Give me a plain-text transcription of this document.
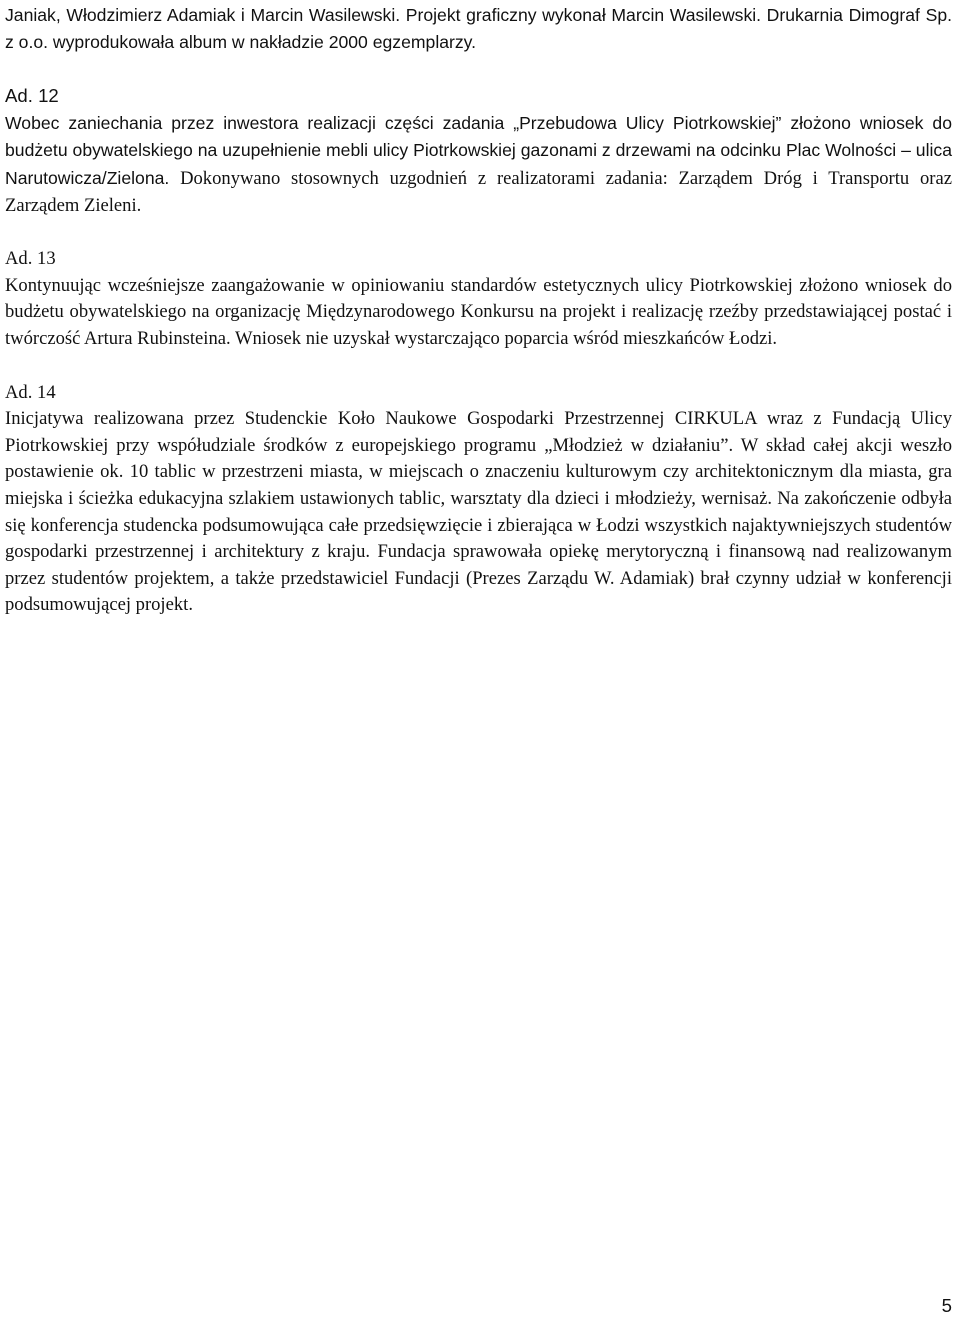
Janiak, Włodzimierz Adamiak i Marcin Wasilewski. Projekt graficzny wykonał Marcin Wasilewski. Drukarnia Dimograf Sp. z o.o. wyprodukowała album w nakładzie 2000 egzemplarzy.

Ad. 12

Wobec zaniechania przez inwestora realizacji części zadania „Przebudowa Ulicy Piotrkowskiej” złożono wniosek do budżetu obywatelskiego na uzupełnienie mebli ulicy Piotrkowskiej gazonami z drzewami na odcinku Plac Wolności – ulica Narutowicza/Zielona. Dokonywano stosownych uzgodnień z realizatorami zadania: Zarządem Dróg i Transportu oraz Zarządem Zieleni.

Ad. 13

Kontynuując wcześniejsze zaangażowanie w opiniowaniu standardów estetycznych ulicy Piotrkowskiej złożono wniosek do budżetu obywatelskiego na organizację Międzynarodowego Konkursu na projekt i realizację rzeźby przedstawiającej postać i twórczość Artura Rubinsteina. Wniosek nie uzyskał wystarczająco poparcia wśród mieszkańców Łodzi.

Ad. 14

Inicjatywa realizowana przez Studenckie Koło Naukowe Gospodarki Przestrzennej CIRKULA wraz z Fundacją Ulicy Piotrkowskiej przy współudziale środków z europejskiego programu „Młodzież w działaniu”. W skład całej akcji weszło postawienie ok. 10 tablic w przestrzeni miasta, w miejscach o znaczeniu kulturowym czy architektonicznym dla miasta, gra miejska i ścieżka edukacyjna szlakiem ustawionych tablic, warsztaty dla dzieci i młodzieży, wernisaż. Na zakończenie odbyła się konferencja studencka podsumowująca całe przedsięwzięcie i zbierająca w Łodzi wszystkich najaktywniejszych studentów gospodarki przestrzennej i architektury z kraju. Fundacja sprawowała opiekę merytoryczną i finansową nad realizowanym przez studentów projektem, a także przedstawiciel Fundacji (Prezes Zarządu W. Adamiak) brał czynny udział w konferencji podsumowującej projekt.

5
